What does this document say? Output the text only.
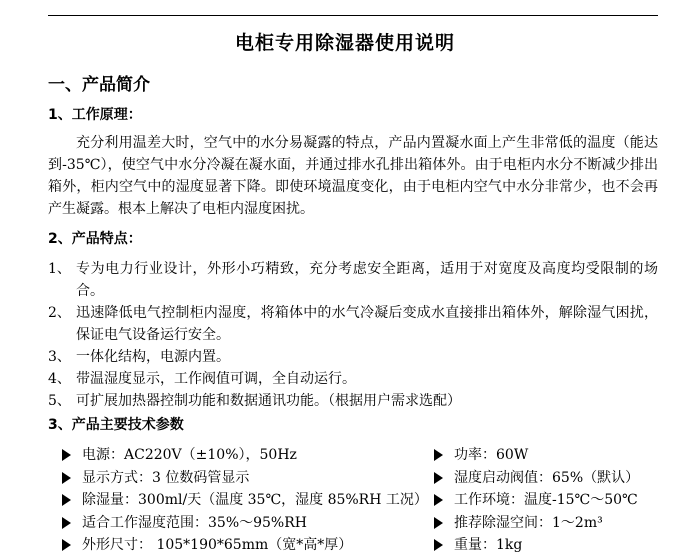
电柜专用除湿器使用说明
一、产品简介
1、工作原理：
充分利用温差大时，空气中的水分易凝露的特点，产品内置凝水面上产生非常低的温度（能达到-35℃），使空气中水分冷凝在凝水面，并通过排水孔排出箱体外。由于电柜内水分不断减少排出箱外，柜内空气中的湿度显著下降。即使环境温度变化，由于电柜内空气中水分非常少，也不会再产生凝露。根本上解决了电柜内湿度困扰。
2、产品特点：
1、 专为电力行业设计，外形小巧精致，充分考虑安全距离，适用于对宽度及高度均受限制的场合。
2、 迅速降低电气控制柜内湿度，将箱体中的水气冷凝后变成水直接排出箱体外，解除湿气困扰，保证电气设备运行安全。
3、 一体化结构，电源内置。
4、 带温湿度显示，工作阀值可调，全自动运行。
5、 可扩展加热器控制功能和数据通讯功能。（根据用户需求选配）
3、产品主要技术参数
电源：AC220V（±10%），50Hz	功率：60W
显示方式：3 位数码管显示	湿度启动阀值：65%（默认）
除湿量：300ml/天（温度 35℃，湿度 85%RH 工况） 工作环境：温度-15℃～50℃
适合工作湿度范围：35%～95%RH	推荐除湿空间：1～2m³
外形尺寸： 105*190*65mm（宽*高*厚）	重量：1kg
